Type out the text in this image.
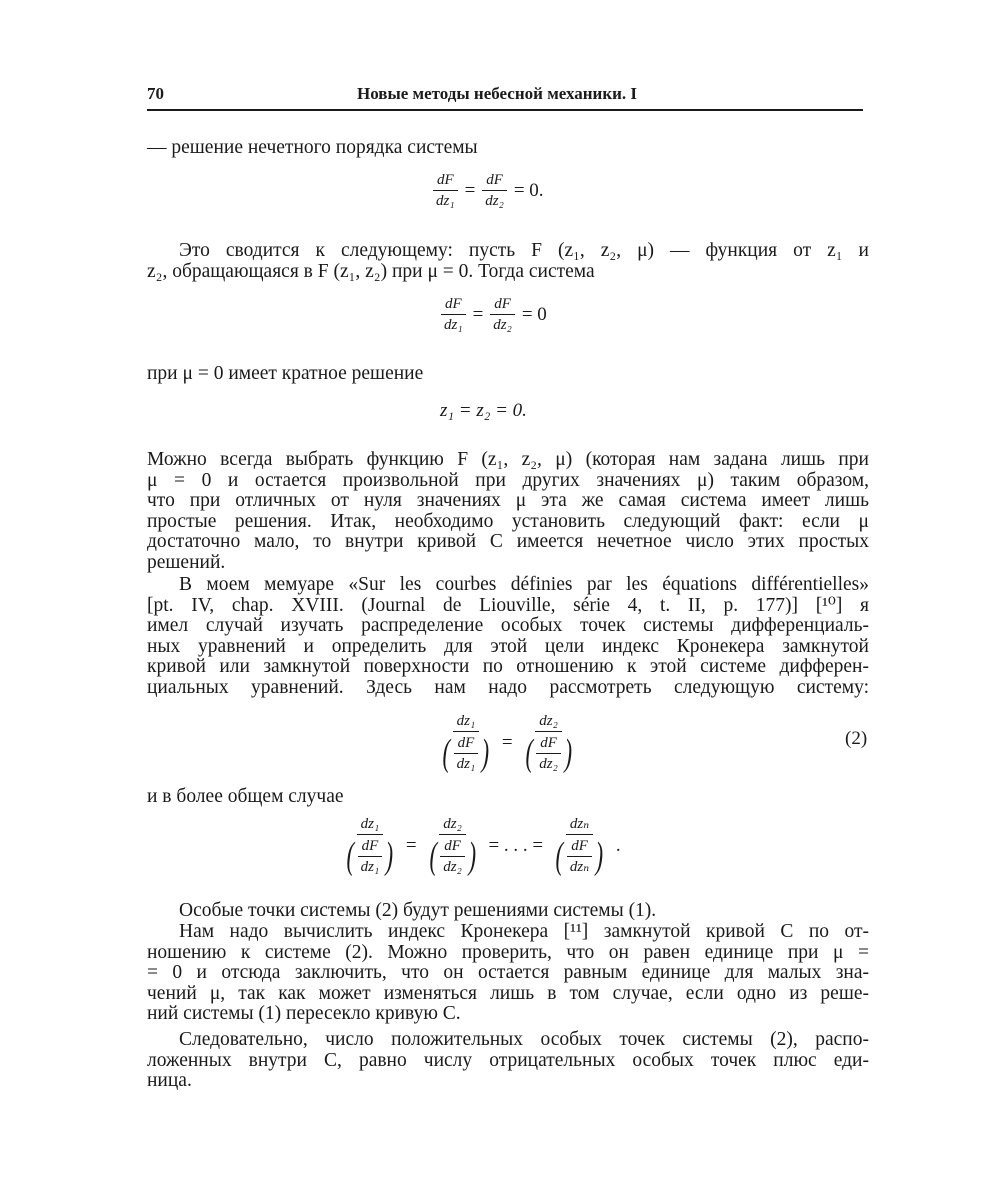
70	Новые методы небесной механики. I
— решение нечетного порядка системы
$\frac{dF}{\text{dz₁}} = \frac{dF}{\text{dz₂}} = 0$.
Это сводится к следующему: пусть F (z₁, z₂, μ) — функция от z₁ и
z₂, обращающаяся в F (z₁, z₂) при μ = 0. Тогда система
$\frac{dF}{\text{dz₁}} = \frac{dF}{\text{dz₂}} = 0$
при μ = 0 имеет кратное решение
z₁ = z₂ = 0.
Можно всегда выбрать функцию F (z₁, z₂, μ) (которая нам задана лишь при
μ = 0 и остается произвольной при других значениях μ) таким образом,
что при отличных от нуля значениях μ эта же самая система имеет лишь
простые решения. Итак, необходимо установить следующий факт: если μ
достаточно мало, то внутри кривой C имеется нечетное число этих простых
решений.
В моем мемуаре «Sur les courbes définies par les équations différentielles»
[pt. IV, chap. XVIII. (Journal de Liouville, série 4, t. II, p. 177)] [¹⁰] я
имел случай изучать распределение особых точек системы дифференциаль-
ных уравнений и определить для этой цели индекс Кронекера замкнутой
кривой или замкнутой поверхности по отношению к этой системе дифферен-
циальных уравнений. Здесь нам надо рассмотреть следующую систему:
$\frac{\text{dz₁}}{( \frac{dF}{\text{dz₁}} )} = \frac{\text{dz₂}}{( \frac{dF}{\text{dz₂}} )}$	(2)
и в более общем случае
$\frac{\text{dz₁}}{( \frac{dF}{\text{dz₁}} )} = \frac{\text{dz₂}}{( \frac{dF}{\text{dz₂}} )}$ = . . . = $\frac{\text{dzₙ}}{( \frac{dF}{\text{dzₙ}} )}$ .
Особые точки системы (2) будут решениями системы (1).
Нам надо вычислить индекс Кронекера [¹¹] замкнутой кривой C по от-
ношению к системе (2). Можно проверить, что он равен единице при μ =
= 0 и отсюда заключить, что он остается равным единице для малых зна-
чений μ, так как может изменяться лишь в том случае, если одно из реше-
ний системы (1) пересекло кривую C.
Следовательно, число положительных особых точек системы (2), распо-
ложенных внутри C, равно числу отрицательных особых точек плюс еди-
ница.
